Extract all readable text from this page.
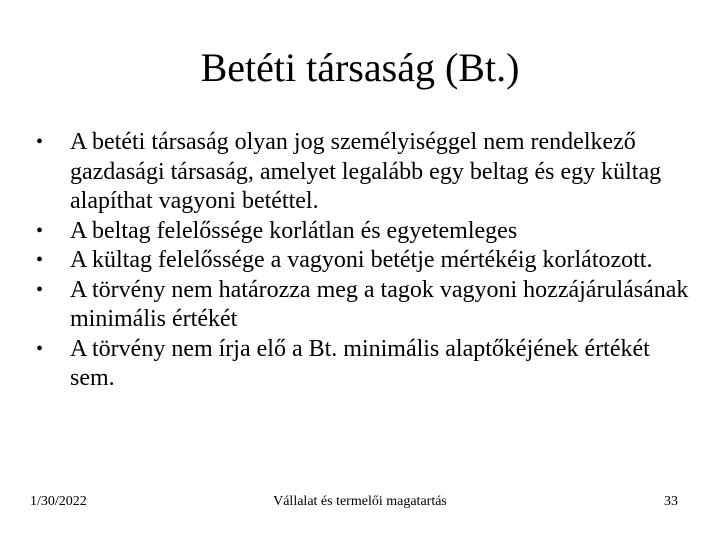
Betéti társaság (Bt.)
•	A betéti társaság olyan jog személyiséggel nem rendelkező gazdasági társaság, amelyet legalább egy beltag és egy kültag alapíthat vagyoni betéttel.
•	A beltag felelőssége korlátlan és egyetemleges
•	A kültag felelőssége a vagyoni betétje mértékéig korlátozott.
•	A törvény nem határozza meg a tagok vagyoni hozzájárulásának minimális értékét
•	A törvény nem írja elő a Bt. minimális alaptőkéjének értékét sem.
1/30/2022	Vállalat és termelői magatartás	33
